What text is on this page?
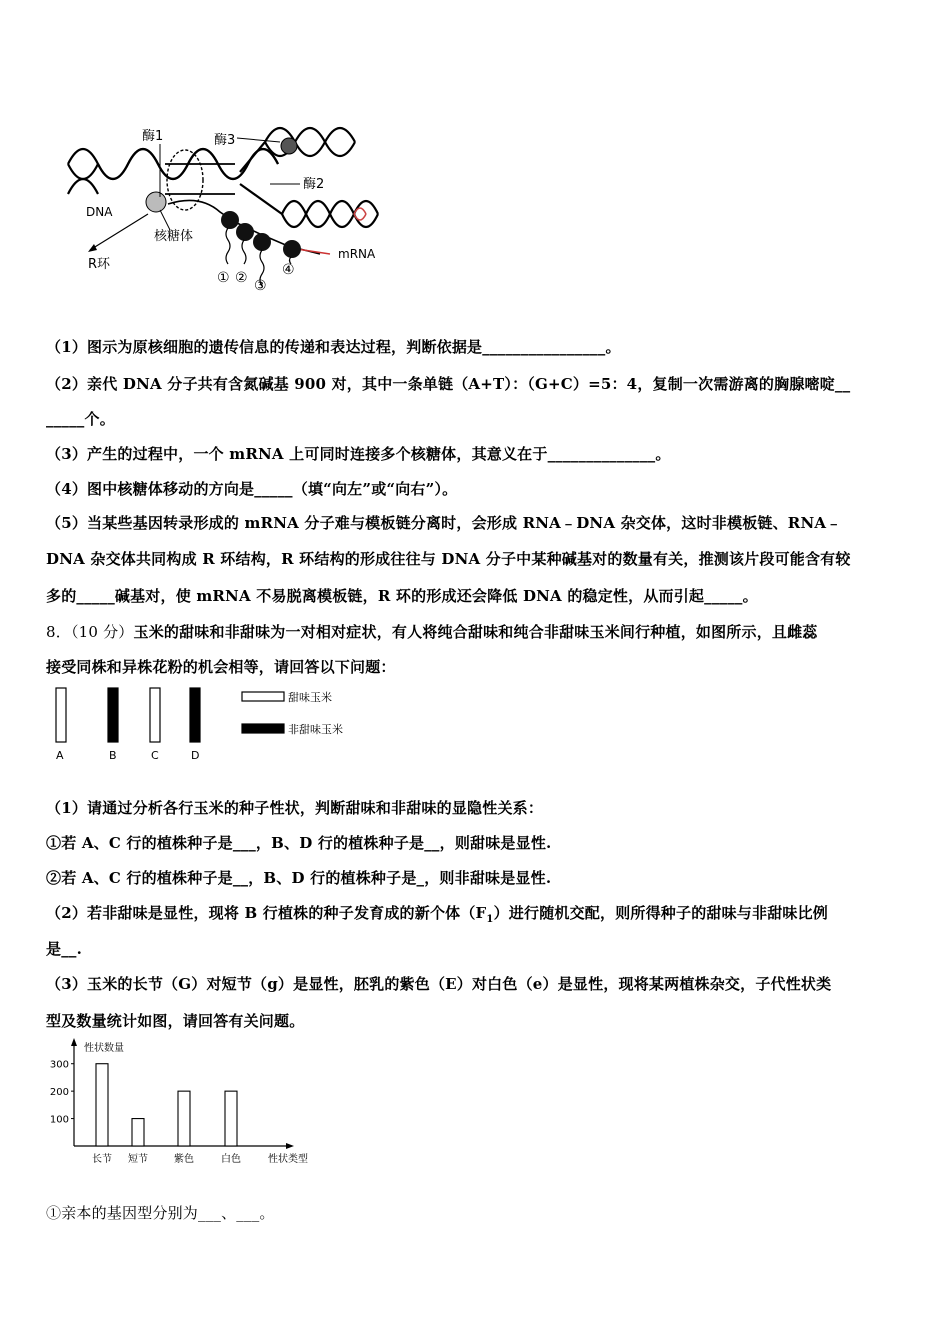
酶1	酶3
酶2
DNA
核糖体
R环
mRNA
① ② ③
④
（1）图示为原核细胞的遗传信息的传递和表达过程，判断依据是________________。
（2）亲代 DNA 分子共有含氮碱基 900 对，其中一条单链（A+T）：（G+C）=5：4，复制一次需游离的胸腺嘧啶__
_____个。
（3）产生的过程中，一个 mRNA 上可同时连接多个核糖体，其意义在于______________。
（4）图中核糖体移动的方向是_____（填“向左”或“向右”）。
（5）当某些基因转录形成的 mRNA 分子难与模板链分离时，会形成 RNA﹣DNA 杂交体，这时非模板链、RNA﹣
DNA 杂交体共同构成 R 环结构，R 环结构的形成往往与 DNA 分子中某种碱基对的数量有关，推测该片段可能含有较
多的_____碱基对，使 mRNA 不易脱离模板链，R 环的形成还会降低 DNA 的稳定性，从而引起_____。
8．（10 分）玉米的甜味和非甜味为一对相对症状，有人将纯合甜味和纯合非甜味玉米间行种植，如图所示，且雌蕊
接受同株和异株花粉的机会相等，请回答以下问题：
A	B	C	D
甜味玉米
非甜味玉米
（1）请通过分析各行玉米的种子性状，判断甜味和非甜味的显隐性关系：
①若 A、C 行的植株种子是___，B、D 行的植株种子是__，则甜味是显性.
②若 A、C 行的植株种子是__，B、D 行的植株种子是_，则非甜味是显性.
（2）若非甜味是显性，现将 B 行植株的种子发育成的新个体$(F_1)$进行随机交配，则所得种子的甜味与非甜味比例
是__.
（3）玉米的长节（G）对短节（g）是显性，胚乳的紫色（E）对白色（e）是显性，现将某两植株杂交，子代性状类
型及数量统计如图，请回答有关问题。
性状数量
性状类型
100
200
300
长节 短节	紫色	白色
①亲本的基因型分别为___、___。
